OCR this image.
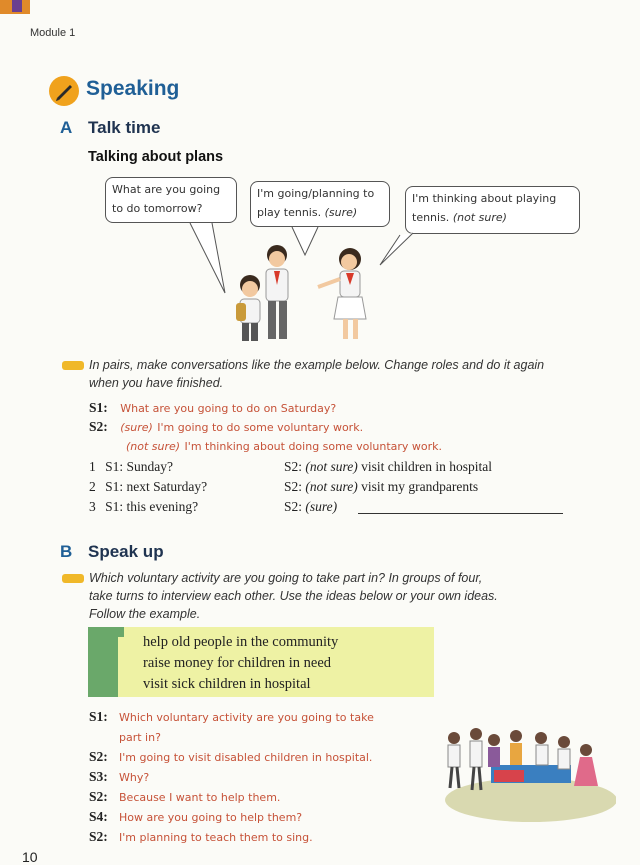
Module 1
Speaking
A Talk time
Talking about plans
What are you going
to do tomorrow?
I'm going/planning to
play tennis. (sure)
I'm thinking about playing
tennis. (not sure)
In pairs, make conversations like the example below. Change roles and do it again
when you have finished.
S1: What are you going to do on Saturday?
S2: (sure) I'm going to do some voluntary work.
(not sure) I'm thinking about doing some voluntary work.
1 S1: Sunday?	S2: (not sure) visit children in hospital
2 S1: next Saturday?	S2: (not sure) visit my grandparents
3 S1: this evening?	S2: (sure)
B Speak up
Which voluntary activity are you going to take part in? In groups of four,
take turns to interview each other. Use the ideas below or your own ideas.
Follow the example.
help old people in the community
raise money for children in need
visit sick children in hospital
S1: Which voluntary activity are you going to take
part in?
S2: I'm going to visit disabled children in hospital.
S3: Why?
S2: Because I want to help them.
S4: How are you going to help them?
S2: I'm planning to teach them to sing.
10
